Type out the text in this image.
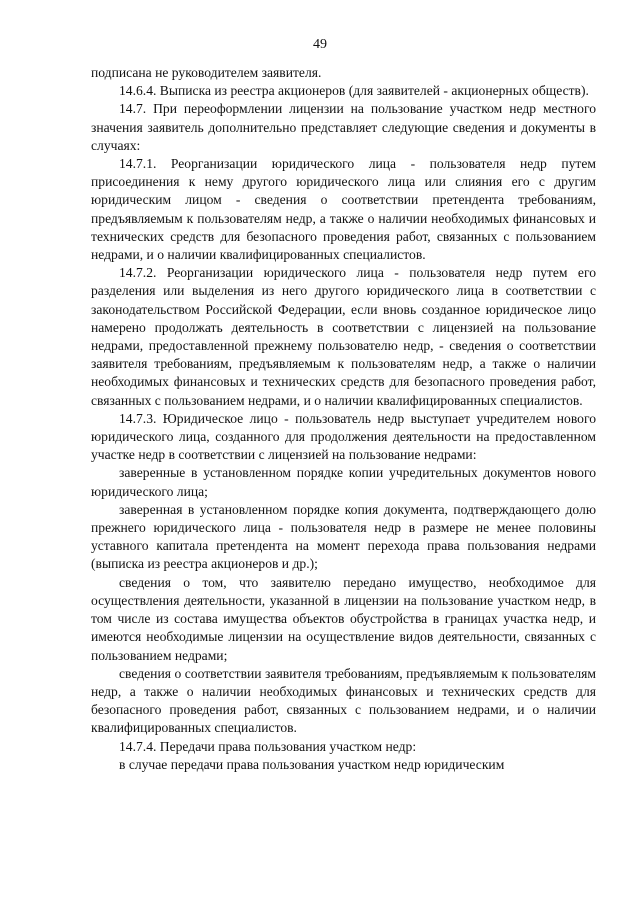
49

подписана не руководителем заявителя.

14.6.4. Выписка из реестра акционеров (для заявителей - акционерных обществ).

14.7. При переоформлении лицензии на пользование участком недр местного значения заявитель дополнительно представляет следующие сведения и документы в случаях:

14.7.1. Реорганизации юридического лица - пользователя недр путем присоединения к нему другого юридического лица или слияния его с другим юридическим лицом - сведения о соответствии претендента требованиям, предъявляемым к пользователям недр, а также о наличии необходимых финансовых и технических средств для безопасного проведения работ, связанных с пользованием недрами, и о наличии квалифицированных специалистов.

14.7.2. Реорганизации юридического лица - пользователя недр путем его разделения или выделения из него другого юридического лица в соответствии с законодательством Российской Федерации, если вновь созданное юридическое лицо намерено продолжать деятельность в соответствии с лицензией на пользование недрами, предоставленной прежнему пользователю недр, - сведения о соответствии заявителя требованиям, предъявляемым к пользователям недр, а также о наличии необходимых финансовых и технических средств для безопасного проведения работ, связанных с пользованием недрами, и о наличии квалифицированных специалистов.

14.7.3. Юридическое лицо - пользователь недр выступает учредителем нового юридического лица, созданного для продолжения деятельности на предоставленном участке недр в соответствии с лицензией на пользование недрами:

заверенные в установленном порядке копии учредительных документов нового юридического лица;

заверенная в установленном порядке копия документа, подтверждающего долю прежнего юридического лица - пользователя недр в размере не менее половины уставного капитала претендента на момент перехода права пользования недрами (выписка из реестра акционеров и др.);

сведения о том, что заявителю передано имущество, необходимое для осуществления деятельности, указанной в лицензии на пользование участком недр, в том числе из состава имущества объектов обустройства в границах участка недр, и имеются необходимые лицензии на осуществление видов деятельности, связанных с пользованием недрами;

сведения о соответствии заявителя требованиям, предъявляемым к пользователям недр, а также о наличии необходимых финансовых и технических средств для безопасного проведения работ, связанных с пользованием недрами, и о наличии квалифицированных специалистов.

14.7.4. Передачи права пользования участком недр:

в случае передачи права пользования участком недр юридическим
